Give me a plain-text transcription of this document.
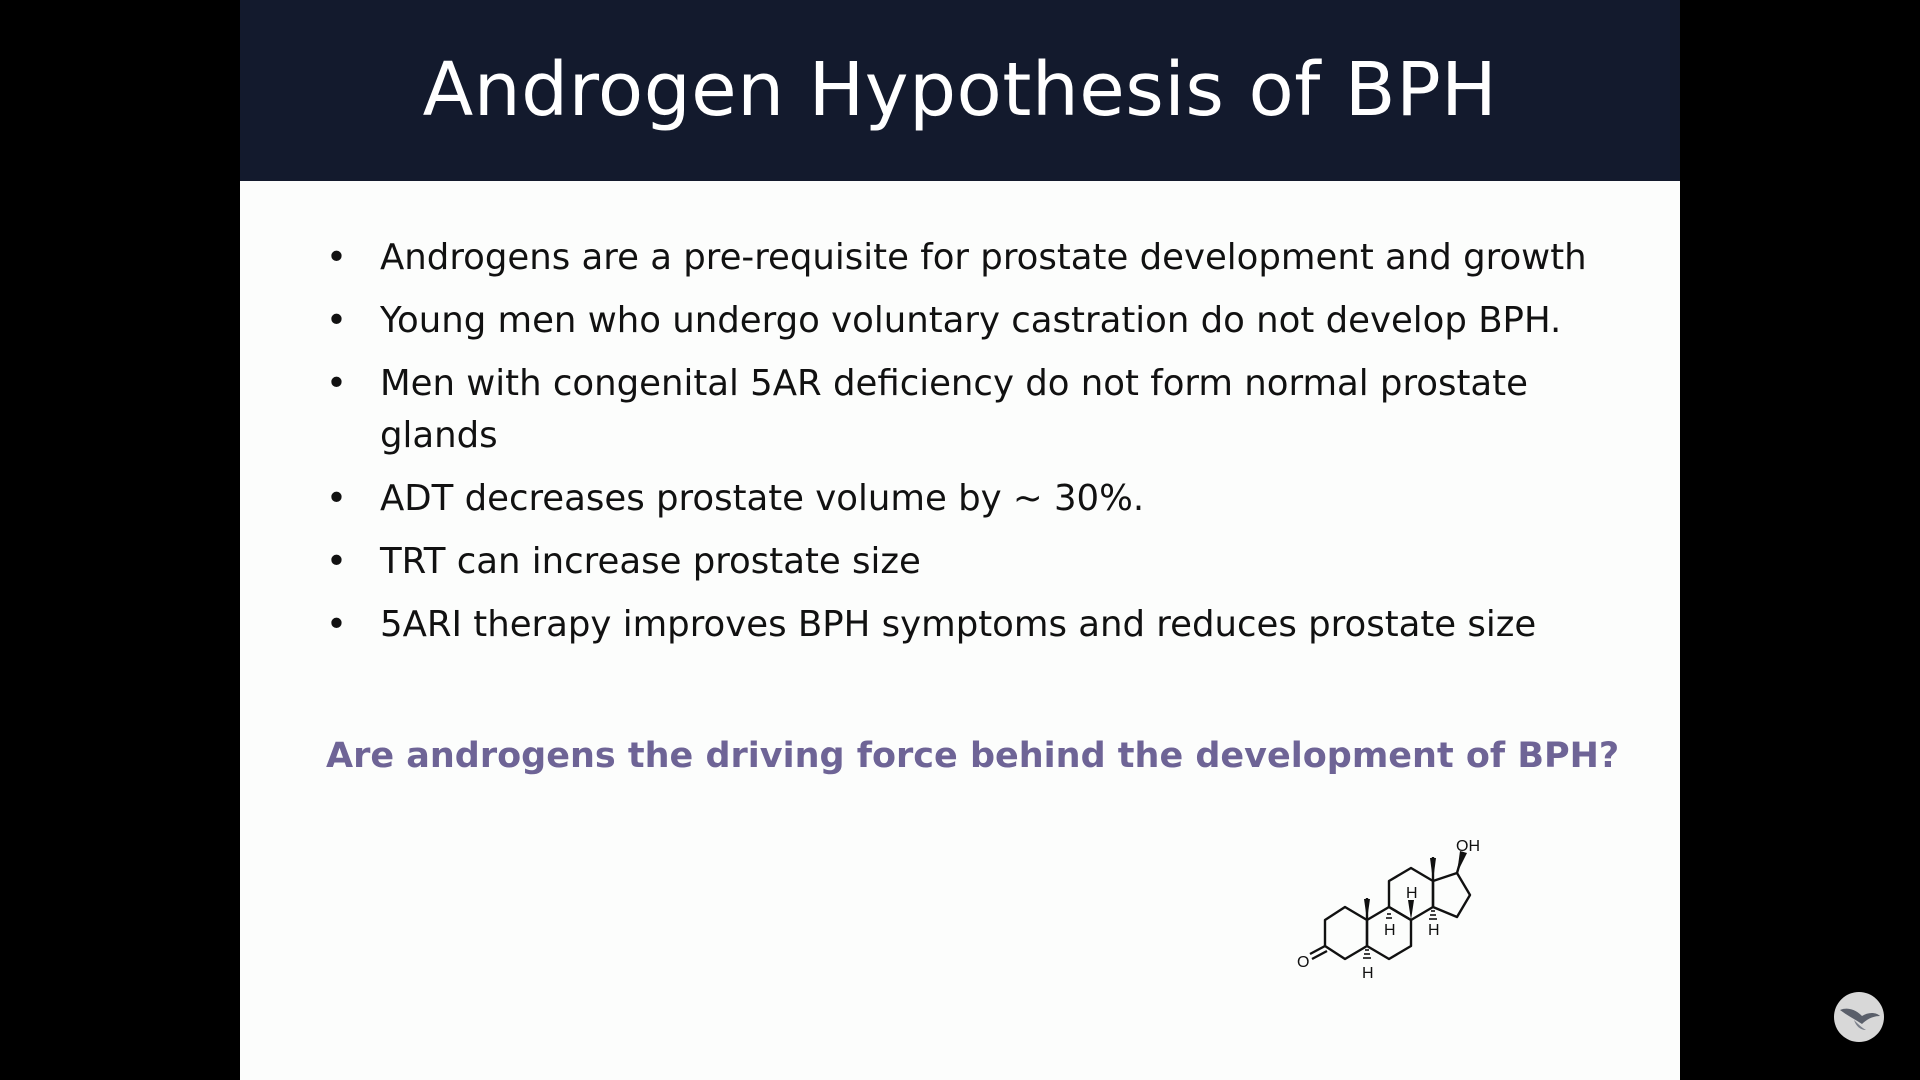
Androgen Hypothesis of BPH
• Androgens are a pre-requisite for prostate development and growth
• Young men who undergo voluntary castration do not develop BPH.
• Men with congenital 5AR deficiency do not form normal prostate glands
• ADT decreases prostate volume by ~ 30%.
• TRT can increase prostate size
• 5ARI therapy improves BPH symptoms and reduces prostate size
Are androgens the driving force behind the development of BPH?
OH
O
H
H
H
H
